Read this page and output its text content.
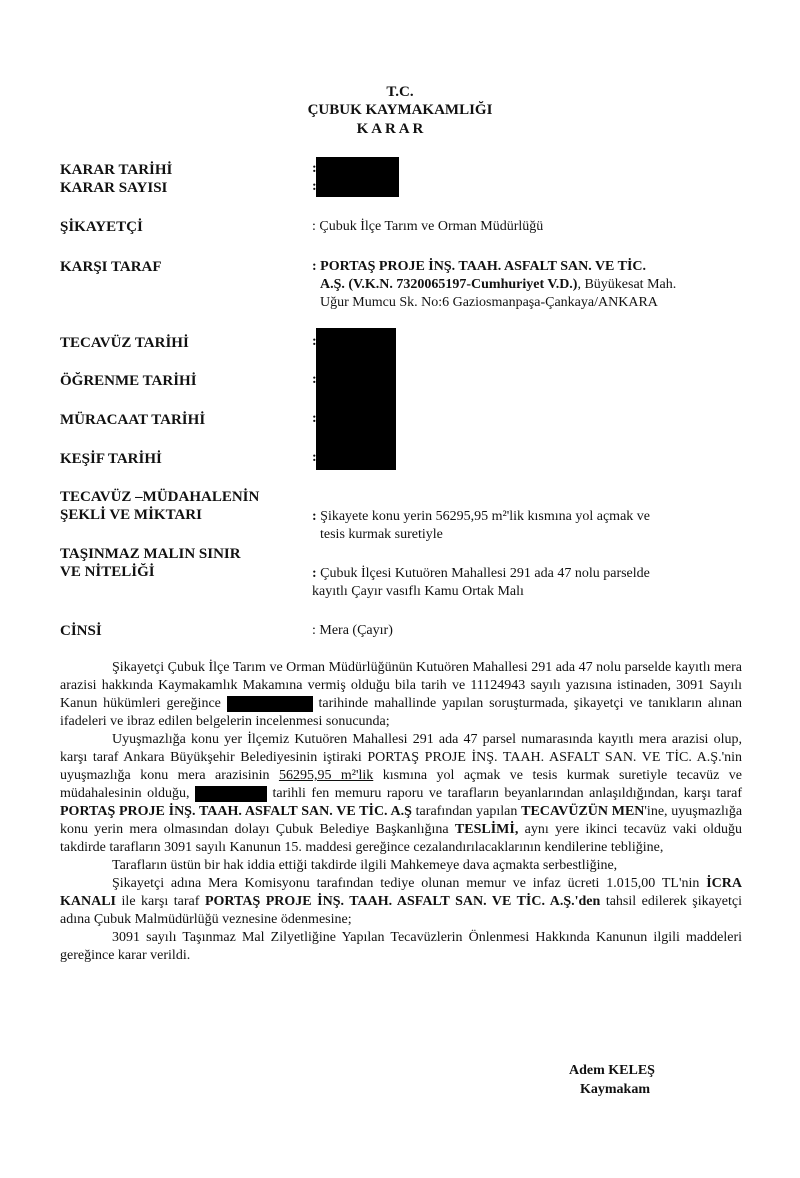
T.C.
ÇUBUK KAYMAKAMLIĞI
K A R A R
KARAR TARİHİ	:
KARAR SAYISI	:
ŞİKAYETÇİ	: Çubuk İlçe Tarım ve Orman Müdürlüğü
KARŞI TARAF	: PORTAŞ PROJE İNŞ. TAAH. ASFALT SAN. VE TİC.
A.Ş. (V.K.N. 7320065197-Cumhuriyet V.D.), Büyükesat Mah.
Uğur Mumcu Sk. No:6 Gaziosmanpaşa-Çankaya/ANKARA
TECAVÜZ TARİHİ	:
ÖĞRENME TARİHİ	:
MÜRACAAT TARİHİ	:
KEŞİF TARİHİ	:
TECAVÜZ –MÜDAHALENİN
ŞEKLİ VE MİKTARI	: Şikayete konu yerin 56295,95 m²'lik kısmına yol açmak ve
tesis kurmak suretiyle
TAŞINMAZ MALIN SINIR
VE NİTELİĞİ	: Çubuk İlçesi Kutuören Mahallesi 291 ada 47 nolu parselde
kayıtlı Çayır vasıflı Kamu Ortak Malı
CİNSİ	: Mera (Çayır)

Şikayetçi Çubuk İlçe Tarım ve Orman Müdürlüğünün Kutuören Mahallesi 291 ada 47 nolu parselde kayıtlı mera arazisi hakkında Kaymakamlık Makamına vermiş olduğu bila tarih ve 11124943 sayılı yazısına istinaden, 3091 Sayılı Kanun hükümleri gereğince	tarihinde mahallinde yapılan soruşturmada, şikayetçi ve tanıkların alınan ifadeleri ve ibraz edilen belgelerin incelenmesi sonucunda;

Uyuşmazlığa konu yer İlçemiz Kutuören Mahallesi 291 ada 47 parsel numarasında kayıtlı mera arazisi olup, karşı taraf Ankara Büyükşehir Belediyesinin iştiraki PORTAŞ PROJE İNŞ. TAAH. ASFALT SAN. VE TİC. A.Ş.'nin uyuşmazlığa konu mera arazisinin 56295,95 m²'lik kısmına yol açmak ve tesis kurmak suretiyle tecavüz ve müdahalesinin olduğu,	tarihli fen memuru raporu ve tarafların beyanlarından anlaşıldığından, karşı taraf PORTAŞ PROJE İNŞ. TAAH. ASFALT SAN. VE TİC. A.Ş tarafından yapılan TECAVÜZÜN MEN'ine, uyuşmazlığa konu yerin mera olmasından dolayı Çubuk Belediye Başkanlığına TESLİMİ, aynı yere ikinci tecavüz vaki olduğu takdirde tarafların 3091 sayılı Kanunun 15. maddesi gereğince cezalandırılacaklarının kendilerine tebliğine,

Tarafların üstün bir hak iddia ettiği takdirde ilgili Mahkemeye dava açmakta serbestliğine,

Şikayetçi adına Mera Komisyonu tarafından tediye olunan memur ve infaz ücreti 1.015,00 TL'nin İCRA KANALI ile karşı taraf PORTAŞ PROJE İNŞ. TAAH. ASFALT SAN. VE TİC. A.Ş.'den tahsil edilerek şikayetçi adına Çubuk Malmüdürlüğü veznesine ödenmesine;

3091 sayılı Taşınmaz Mal Zilyetliğine Yapılan Tecavüzlerin Önlenmesi Hakkında Kanunun ilgili maddeleri gereğince karar verildi.

Adem KELEŞ
Kaymakam
